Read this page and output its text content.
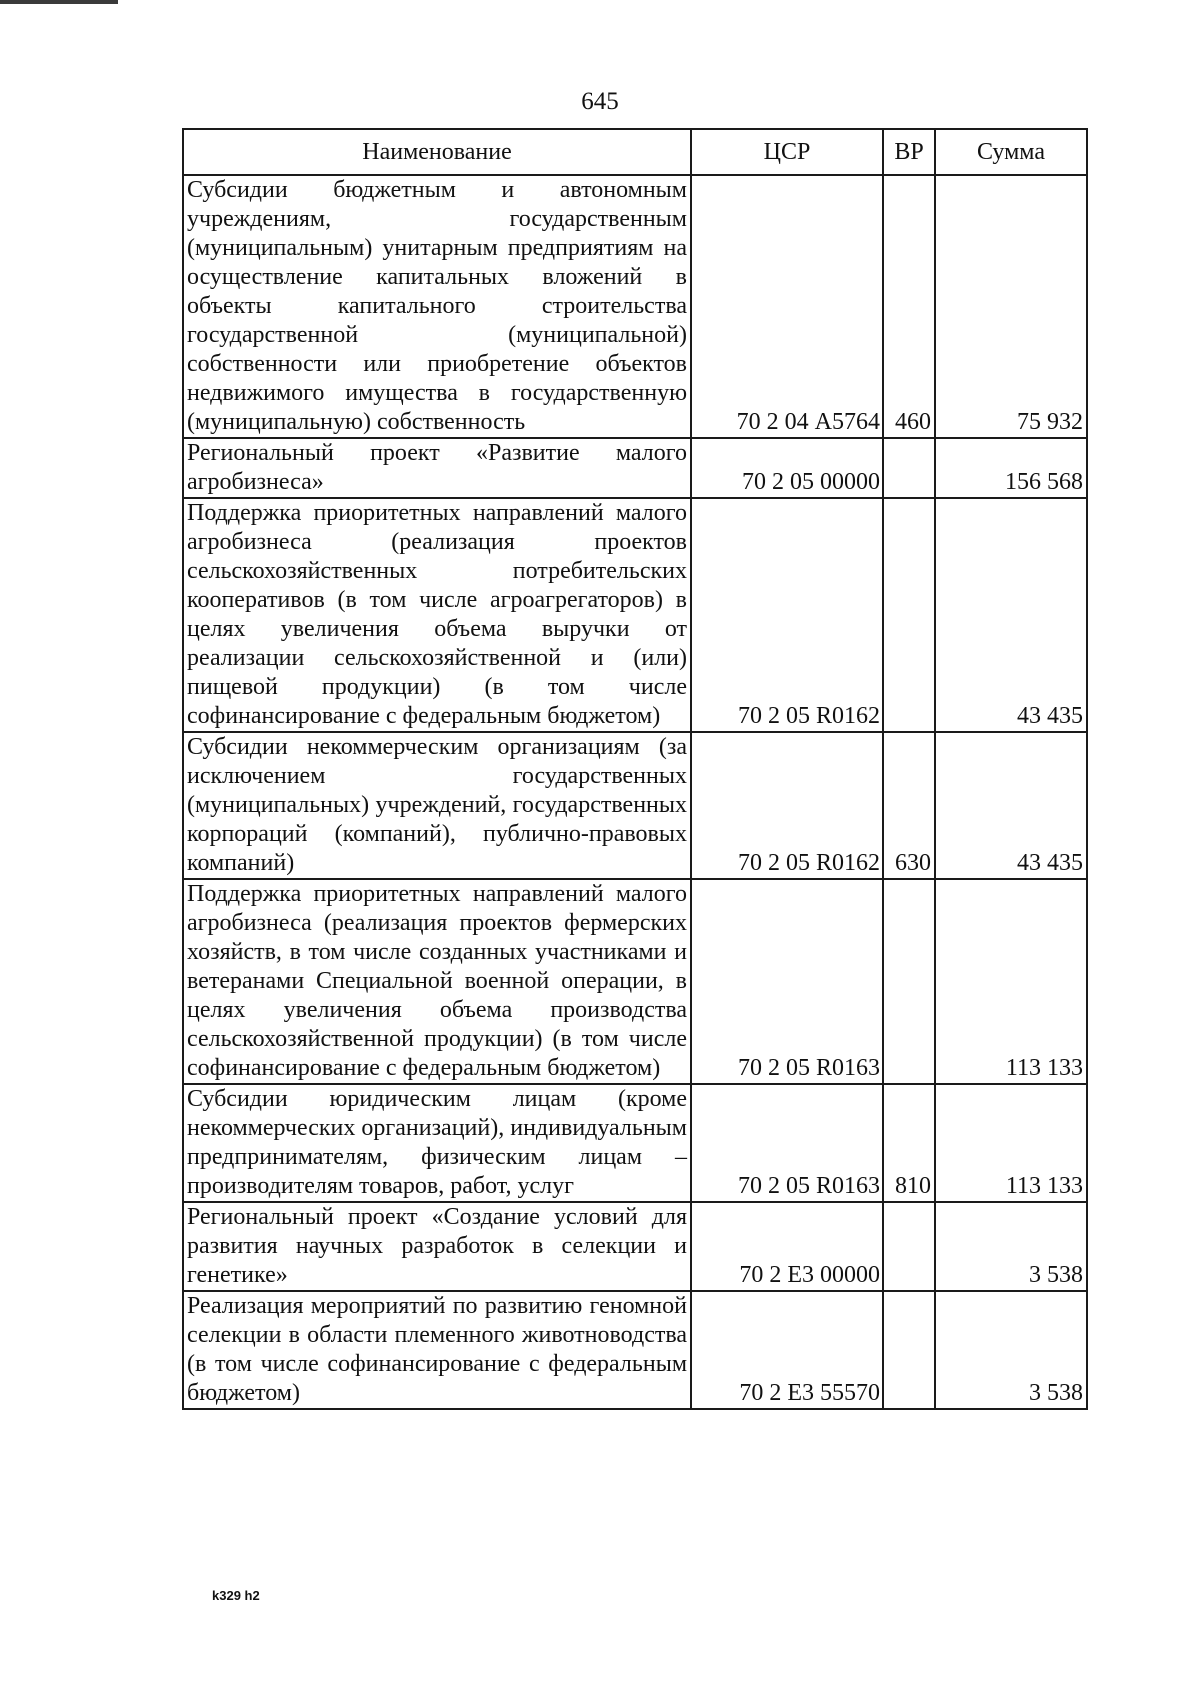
645
Наименование	ЦСР	ВР	Сумма
Субсидии бюджетным и автономным учреждениям, государственным (муниципальным) унитарным предприятиям на осуществление капитальных вложений в объекты капитального строительства государственной (муниципальной) собственности или приобретение объектов недвижимого имущества в государственную (муниципальную) собственность	70 2 04 А5764	460	75 932
Региональный проект «Развитие малого агробизнеса»	70 2 05 00000		156 568
Поддержка приоритетных направлений малого агробизнеса (реализация проектов сельскохозяйственных потребительских кооперативов (в том числе агроагрегаторов) в целях увеличения объема выручки от реализации сельскохозяйственной и (или) пищевой продукции) (в том числе софинансирование с федеральным бюджетом)	70 2 05 R0162		43 435
Субсидии некоммерческим организациям (за исключением государственных (муниципальных) учреждений, государственных корпораций (компаний), публично-правовых компаний)	70 2 05 R0162	630	43 435
Поддержка приоритетных направлений малого агробизнеса (реализация проектов фермерских хозяйств, в том числе созданных участниками и ветеранами Специальной военной операции, в целях увеличения объема производства сельскохозяйственной продукции) (в том числе софинансирование с федеральным бюджетом)	70 2 05 R0163		113 133
Субсидии юридическим лицам (кроме некоммерческих организаций), индивидуальным предпринимателям, физическим лицам – производителям товаров, работ, услуг	70 2 05 R0163	810	113 133
Региональный проект «Создание условий для развития научных разработок в селекции и генетике»	70 2 Е3 00000		3 538
Реализация мероприятий по развитию геномной селекции в области племенного животноводства (в том числе софинансирование с федеральным бюджетом)	70 2 Е3 55570		3 538
k329 h2
